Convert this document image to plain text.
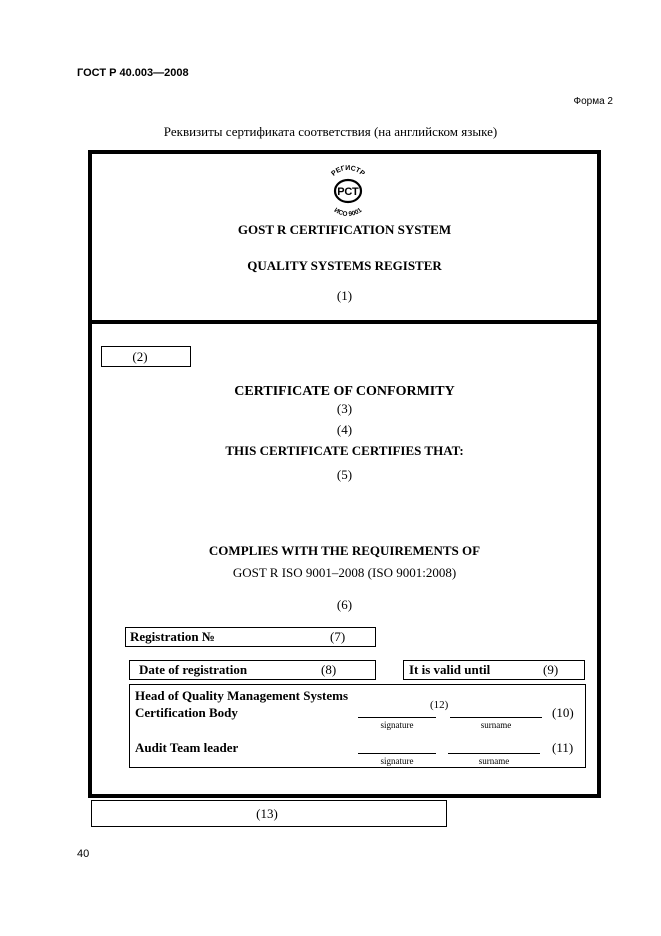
ГОСТ Р 40.003—2008
Форма 2
Реквизиты сертификата соответствия (на английском языке)
РЕГИСТР
ИСО 9001
РСТ
GOST R CERTIFICATION SYSTEM
QUALITY SYSTEMS REGISTER
(1)
(2)
CERTIFICATE OF CONFORMITY
(3)
(4)
THIS CERTIFICATE CERTIFIES THAT:
(5)
COMPLIES WITH THE REQUIREMENTS OF
GOST R ISO 9001–2008 (ISO 9001:2008)
(6)
Registration №	(7)
Date of registration	(8)	It is valid until	(9)
Head of Quality Management Systems
Certification Body	(12)	(10)
signature	surname
Audit Team leader	(11)
signature	surname
(13)
40
